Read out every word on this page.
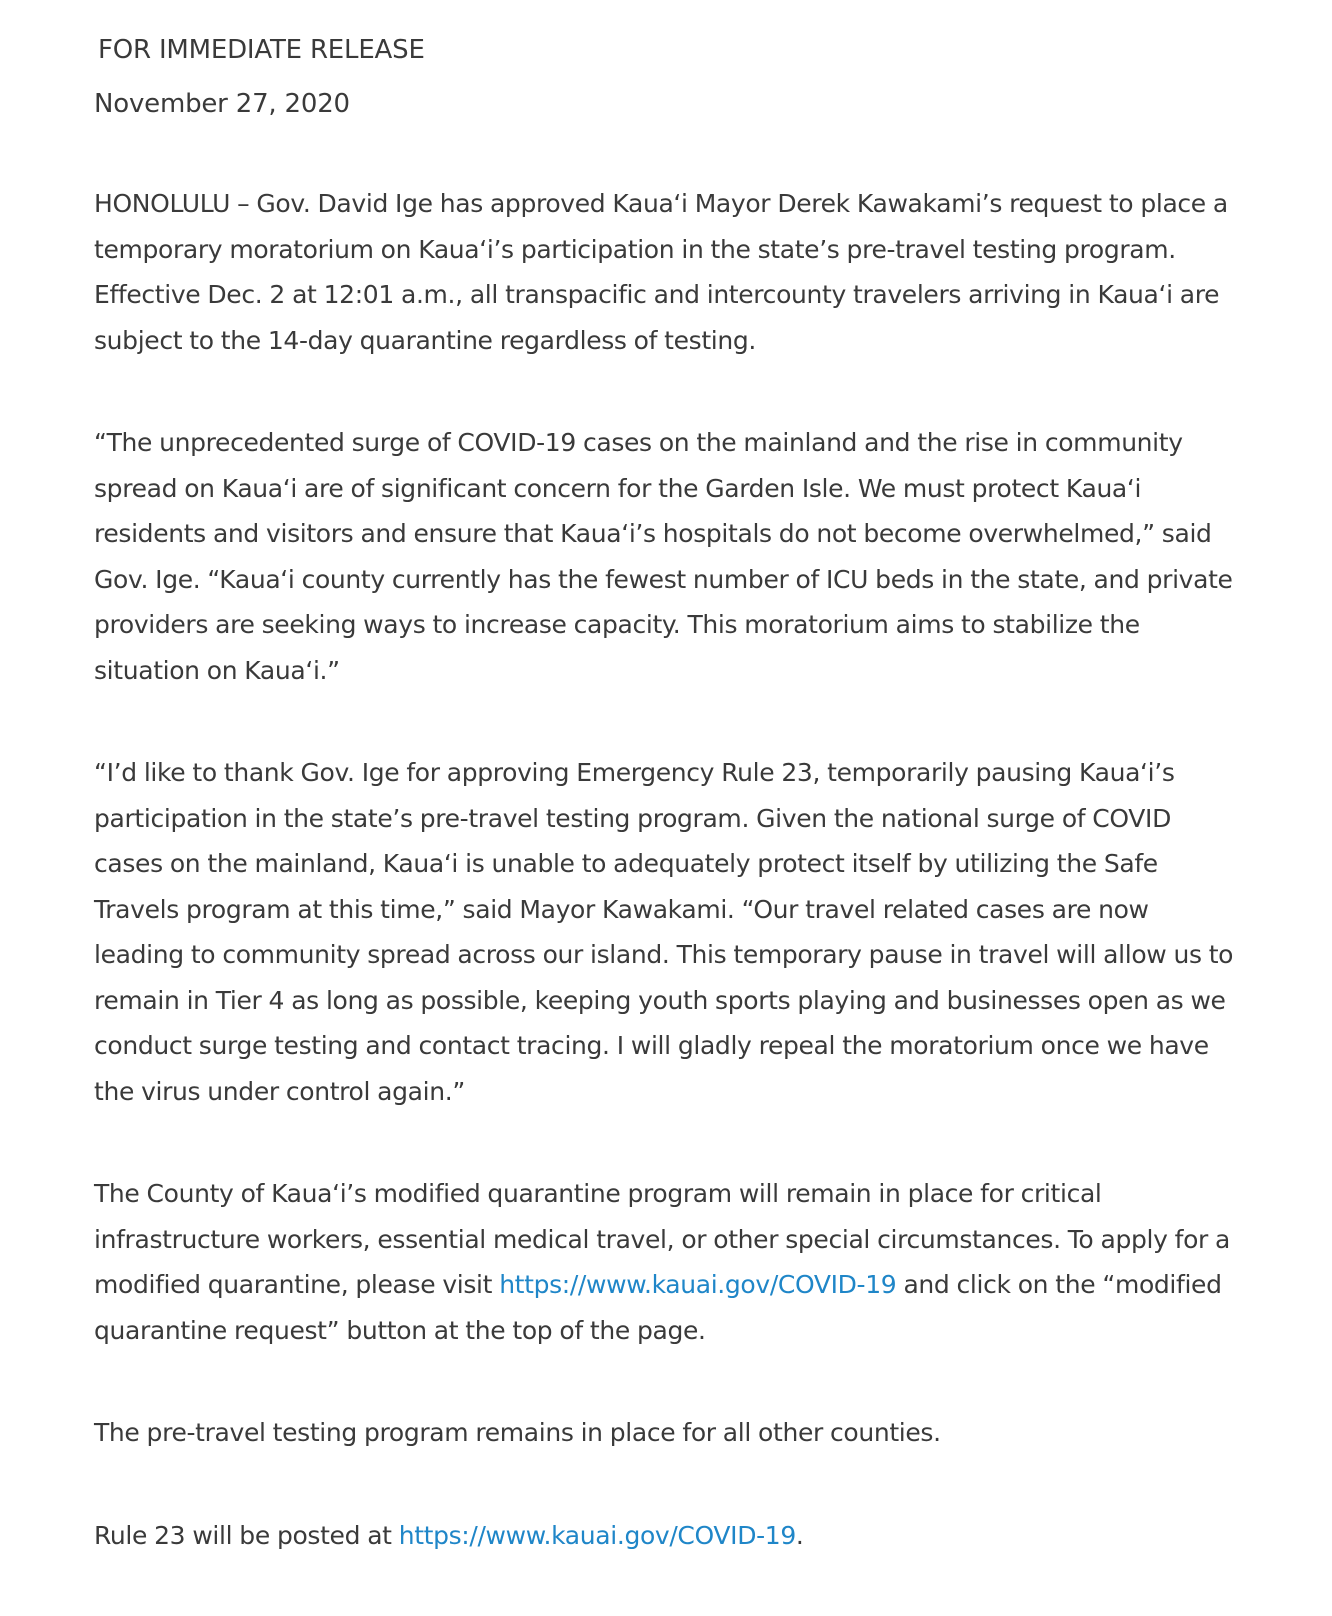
FOR IMMEDIATE RELEASE
November 27, 2020

HONOLULU – Gov. David Ige has approved Kauaʻi Mayor Derek Kawakami’s request to place a temporary moratorium on Kauaʻi’s participation in the state’s pre-travel testing program. Effective Dec. 2 at 12:01 a.m., all transpacific and intercounty travelers arriving in Kauaʻi are subject to the 14-day quarantine regardless of testing.

“The unprecedented surge of COVID-19 cases on the mainland and the rise in community spread on Kauaʻi are of significant concern for the Garden Isle. We must protect Kauaʻi residents and visitors and ensure that Kauaʻi’s hospitals do not become overwhelmed,” said Gov. Ige. “Kauaʻi county currently has the fewest number of ICU beds in the state, and private providers are seeking ways to increase capacity. This moratorium aims to stabilize the situation on Kauaʻi.”

“I’d like to thank Gov. Ige for approving Emergency Rule 23, temporarily pausing Kauaʻi’s participation in the state’s pre-travel testing program. Given the national surge of COVID cases on the mainland, Kauaʻi is unable to adequately protect itself by utilizing the Safe Travels program at this time,” said Mayor Kawakami. “Our travel related cases are now leading to community spread across our island. This temporary pause in travel will allow us to remain in Tier 4 as long as possible, keeping youth sports playing and businesses open as we conduct surge testing and contact tracing. I will gladly repeal the moratorium once we have the virus under control again.”

The County of Kauaʻi’s modified quarantine program will remain in place for critical infrastructure workers, essential medical travel, or other special circumstances. To apply for a modified quarantine, please visit https://www.kauai.gov/COVID-19 and click on the “modified quarantine request” button at the top of the page.

The pre-travel testing program remains in place for all other counties.

Rule 23 will be posted at https://www.kauai.gov/COVID-19.
